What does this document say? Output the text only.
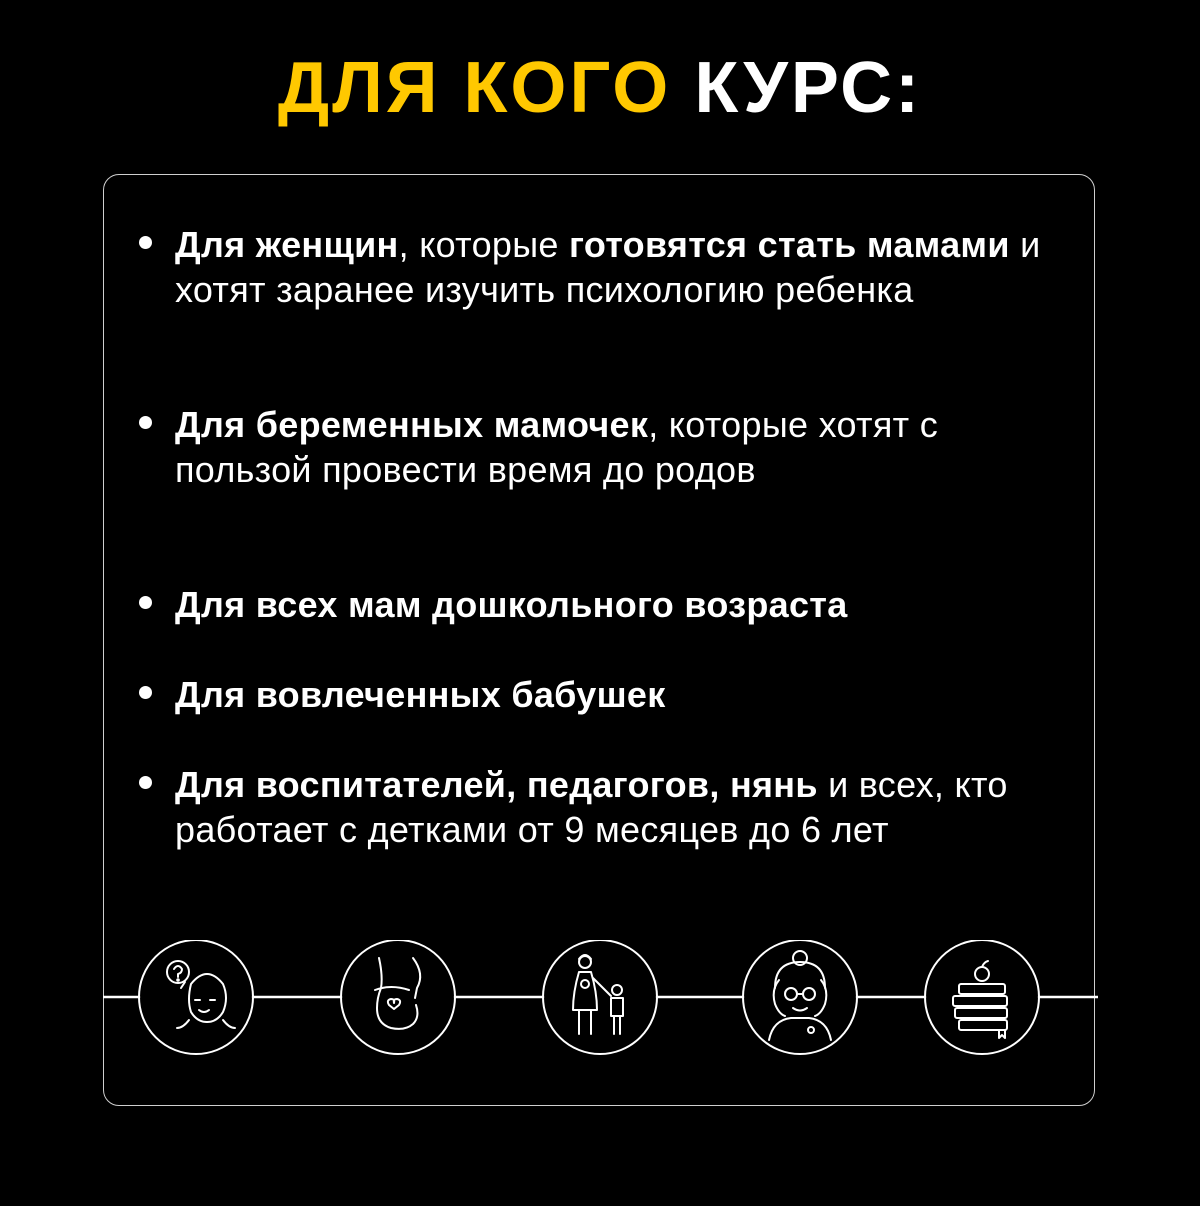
ДЛЯ КОГО КУРС:
Для женщин, которые готовятся стать мамами и хотят заранее изучить психологию ребенка
Для беременных мамочек, которые хотят с пользой провести время до родов
Для всех мам дошкольного возраста
Для вовлеченных бабушек
Для воспитателей, педагогов, нянь и всех, кто работает с детками от 9 месяцев до 6 лет
